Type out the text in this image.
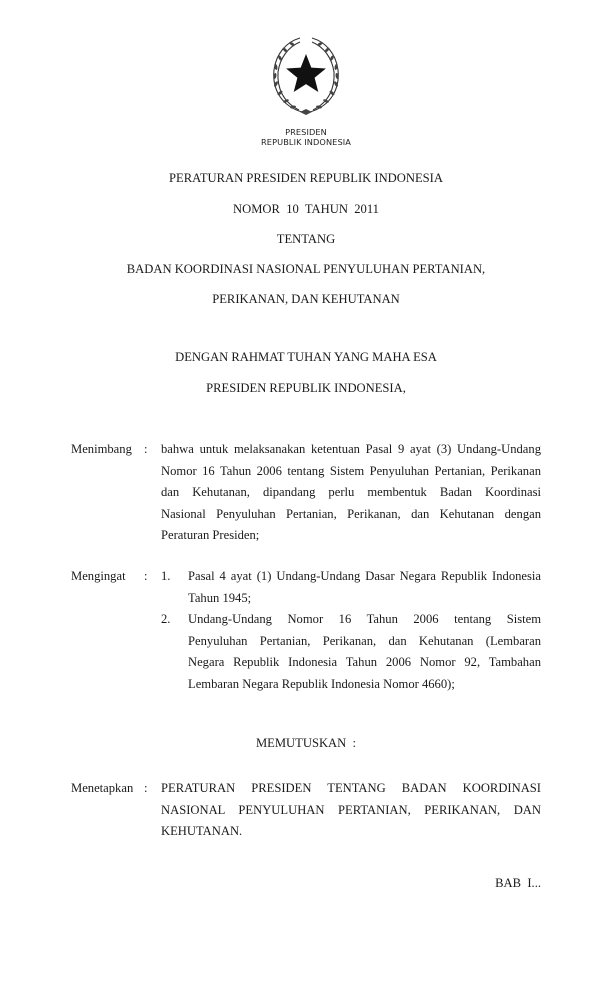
PRESIDEN
REPUBLIK INDONESIA
PERATURAN PRESIDEN REPUBLIK INDONESIA
NOMOR  10  TAHUN  2011
TENTANG
BADAN KOORDINASI NASIONAL PENYULUHAN PERTANIAN,
PERIKANAN, DAN KEHUTANAN
DENGAN RAHMAT TUHAN YANG MAHA ESA
PRESIDEN REPUBLIK INDONESIA,
Menimbang : bahwa untuk melaksanakan ketentuan Pasal 9 ayat (3) Undang-Undang
Nomor 16 Tahun 2006 tentang Sistem Penyuluhan Pertanian, Perikanan
dan Kehutanan, dipandang perlu membentuk Badan Koordinasi
Nasional Penyuluhan Pertanian, Perikanan, dan Kehutanan dengan
Peraturan Presiden;
Mengingat : 1. Pasal 4 ayat (1) Undang-Undang Dasar Negara Republik Indonesia
Tahun 1945;
2. Undang-Undang Nomor 16 Tahun 2006 tentang Sistem
Penyuluhan Pertanian, Perikanan, dan Kehutanan (Lembaran
Negara Republik Indonesia Tahun 2006 Nomor 92, Tambahan
Lembaran Negara Republik Indonesia Nomor 4660);
MEMUTUSKAN  :
Menetapkan : PERATURAN PRESIDEN TENTANG BADAN KOORDINASI
NASIONAL PENYULUHAN PERTANIAN, PERIKANAN, DAN
KEHUTANAN.
BAB  I...
